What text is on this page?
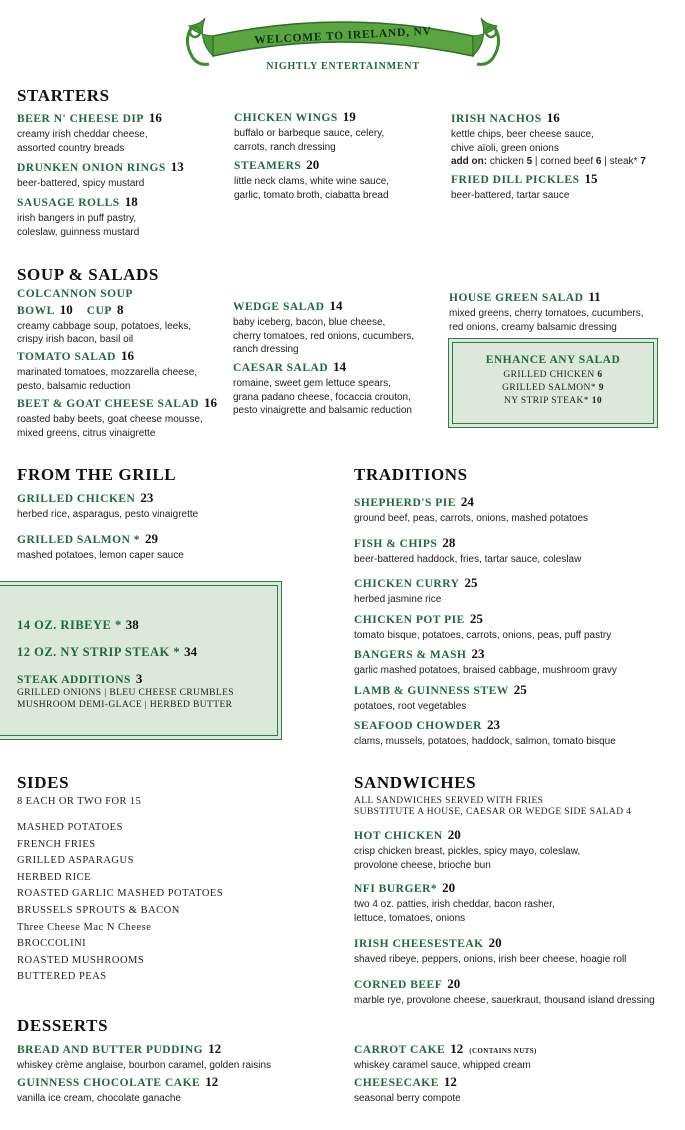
WELCOME TO IRELAND, NV
NIGHTLY ENTERTAINMENT
STARTERS
BEER N' CHEESE DIP 16
creamy irish cheddar cheese,
assorted country breads
DRUNKEN ONION RINGS 13
beer-battered, spicy mustard
SAUSAGE ROLLS 18
irish bangers in puff pastry,
coleslaw, guinness mustard
CHICKEN WINGS 19
buffalo or barbeque sauce, celery,
carrots, ranch dressing
STEAMERS 20
little neck clams, white wine sauce,
garlic, tomato broth, ciabatta bread
IRISH NACHOS 16
kettle chips, beer cheese sauce,
chive aïoli, green onions
add on: chicken 5 | corned beef 6 | steak* 7
FRIED DILL PICKLES 15
beer-battered, tartar sauce
SOUP & SALADS
COLCANNON SOUP
BOWL 10 CUP 8
creamy cabbage soup, potatoes, leeks,
crispy irish bacon, basil oil
TOMATO SALAD 16
marinated tomatoes, mozzarella cheese,
pesto, balsamic reduction
BEET & GOAT CHEESE SALAD 16
roasted baby beets, goat cheese mousse,
mixed greens, citrus vinaigrette
WEDGE SALAD 14
baby iceberg, bacon, blue cheese,
cherry tomatoes, red onions, cucumbers,
ranch dressing
CAESAR SALAD 14
romaine, sweet gem lettuce spears,
grana padano cheese, focaccia crouton,
pesto vinaigrette and balsamic reduction
HOUSE GREEN SALAD 11
mixed greens, cherry tomatoes, cucumbers,
red onions, creamy balsamic dressing
ENHANCE ANY SALAD
GRILLED CHICKEN 6
GRILLED SALMON* 9
NY STRIP STEAK* 10
FROM THE GRILL
GRILLED CHICKEN 23
herbed rice, asparagus, pesto vinaigrette
GRILLED SALMON * 29
mashed potatoes, lemon caper sauce
14 OZ. RIBEYE * 38
12 OZ. NY STRIP STEAK * 34
STEAK ADDITIONS 3
GRILLED ONIONS | BLEU CHEESE CRUMBLES
MUSHROOM DEMI-GLACE | HERBED BUTTER
TRADITIONS
SHEPHERD'S PIE 24
ground beef, peas, carrots, onions, mashed potatoes
FISH & CHIPS 28
beer-battered haddock, fries, tartar sauce, coleslaw
CHICKEN CURRY 25
herbed jasmine rice
CHICKEN POT PIE 25
tomato bisque, potatoes, carrots, onions, peas, puff pastry
BANGERS & MASH 23
garlic mashed potatoes, braised cabbage, mushroom gravy
LAMB & GUINNESS STEW 25
potatoes, root vegetables
SEAFOOD CHOWDER 23
clams, mussels, potatoes, haddock, salmon, tomato bisque
SIDES
8 EACH OR TWO FOR 15
MASHED POTATOES
FRENCH FRIES
GRILLED ASPARAGUS
HERBED RICE
ROASTED GARLIC MASHED POTATOES
BRUSSELS SPROUTS & BACON
Three Cheese Mac N Cheese
BROCCOLINI
ROASTED MUSHROOMS
BUTTERED PEAS
SANDWICHES
ALL SANDWICHES SERVED WITH FRIES
SUBSTITUTE A HOUSE, CAESAR OR WEDGE SIDE SALAD 4
HOT CHICKEN 20
crisp chicken breast, pickles, spicy mayo, coleslaw,
provolone cheese, brioche bun
NFI BURGER* 20
two 4 oz. patties, irish cheddar, bacon rasher,
lettuce, tomatoes, onions
IRISH CHEESESTEAK 20
shaved ribeye, peppers, onions, irish beer cheese, hoagie roll
CORNED BEEF 20
marble rye, provolone cheese, sauerkraut, thousand island dressing
DESSERTS
BREAD AND BUTTER PUDDING 12
whiskey crème anglaise, bourbon caramel, golden raisins
GUINNESS CHOCOLATE CAKE 12
vanilla ice cream, chocolate ganache
CARROT CAKE 12 (CONTAINS NUTS)
whiskey caramel sauce, whipped cream
CHEESECAKE 12
seasonal berry compote
